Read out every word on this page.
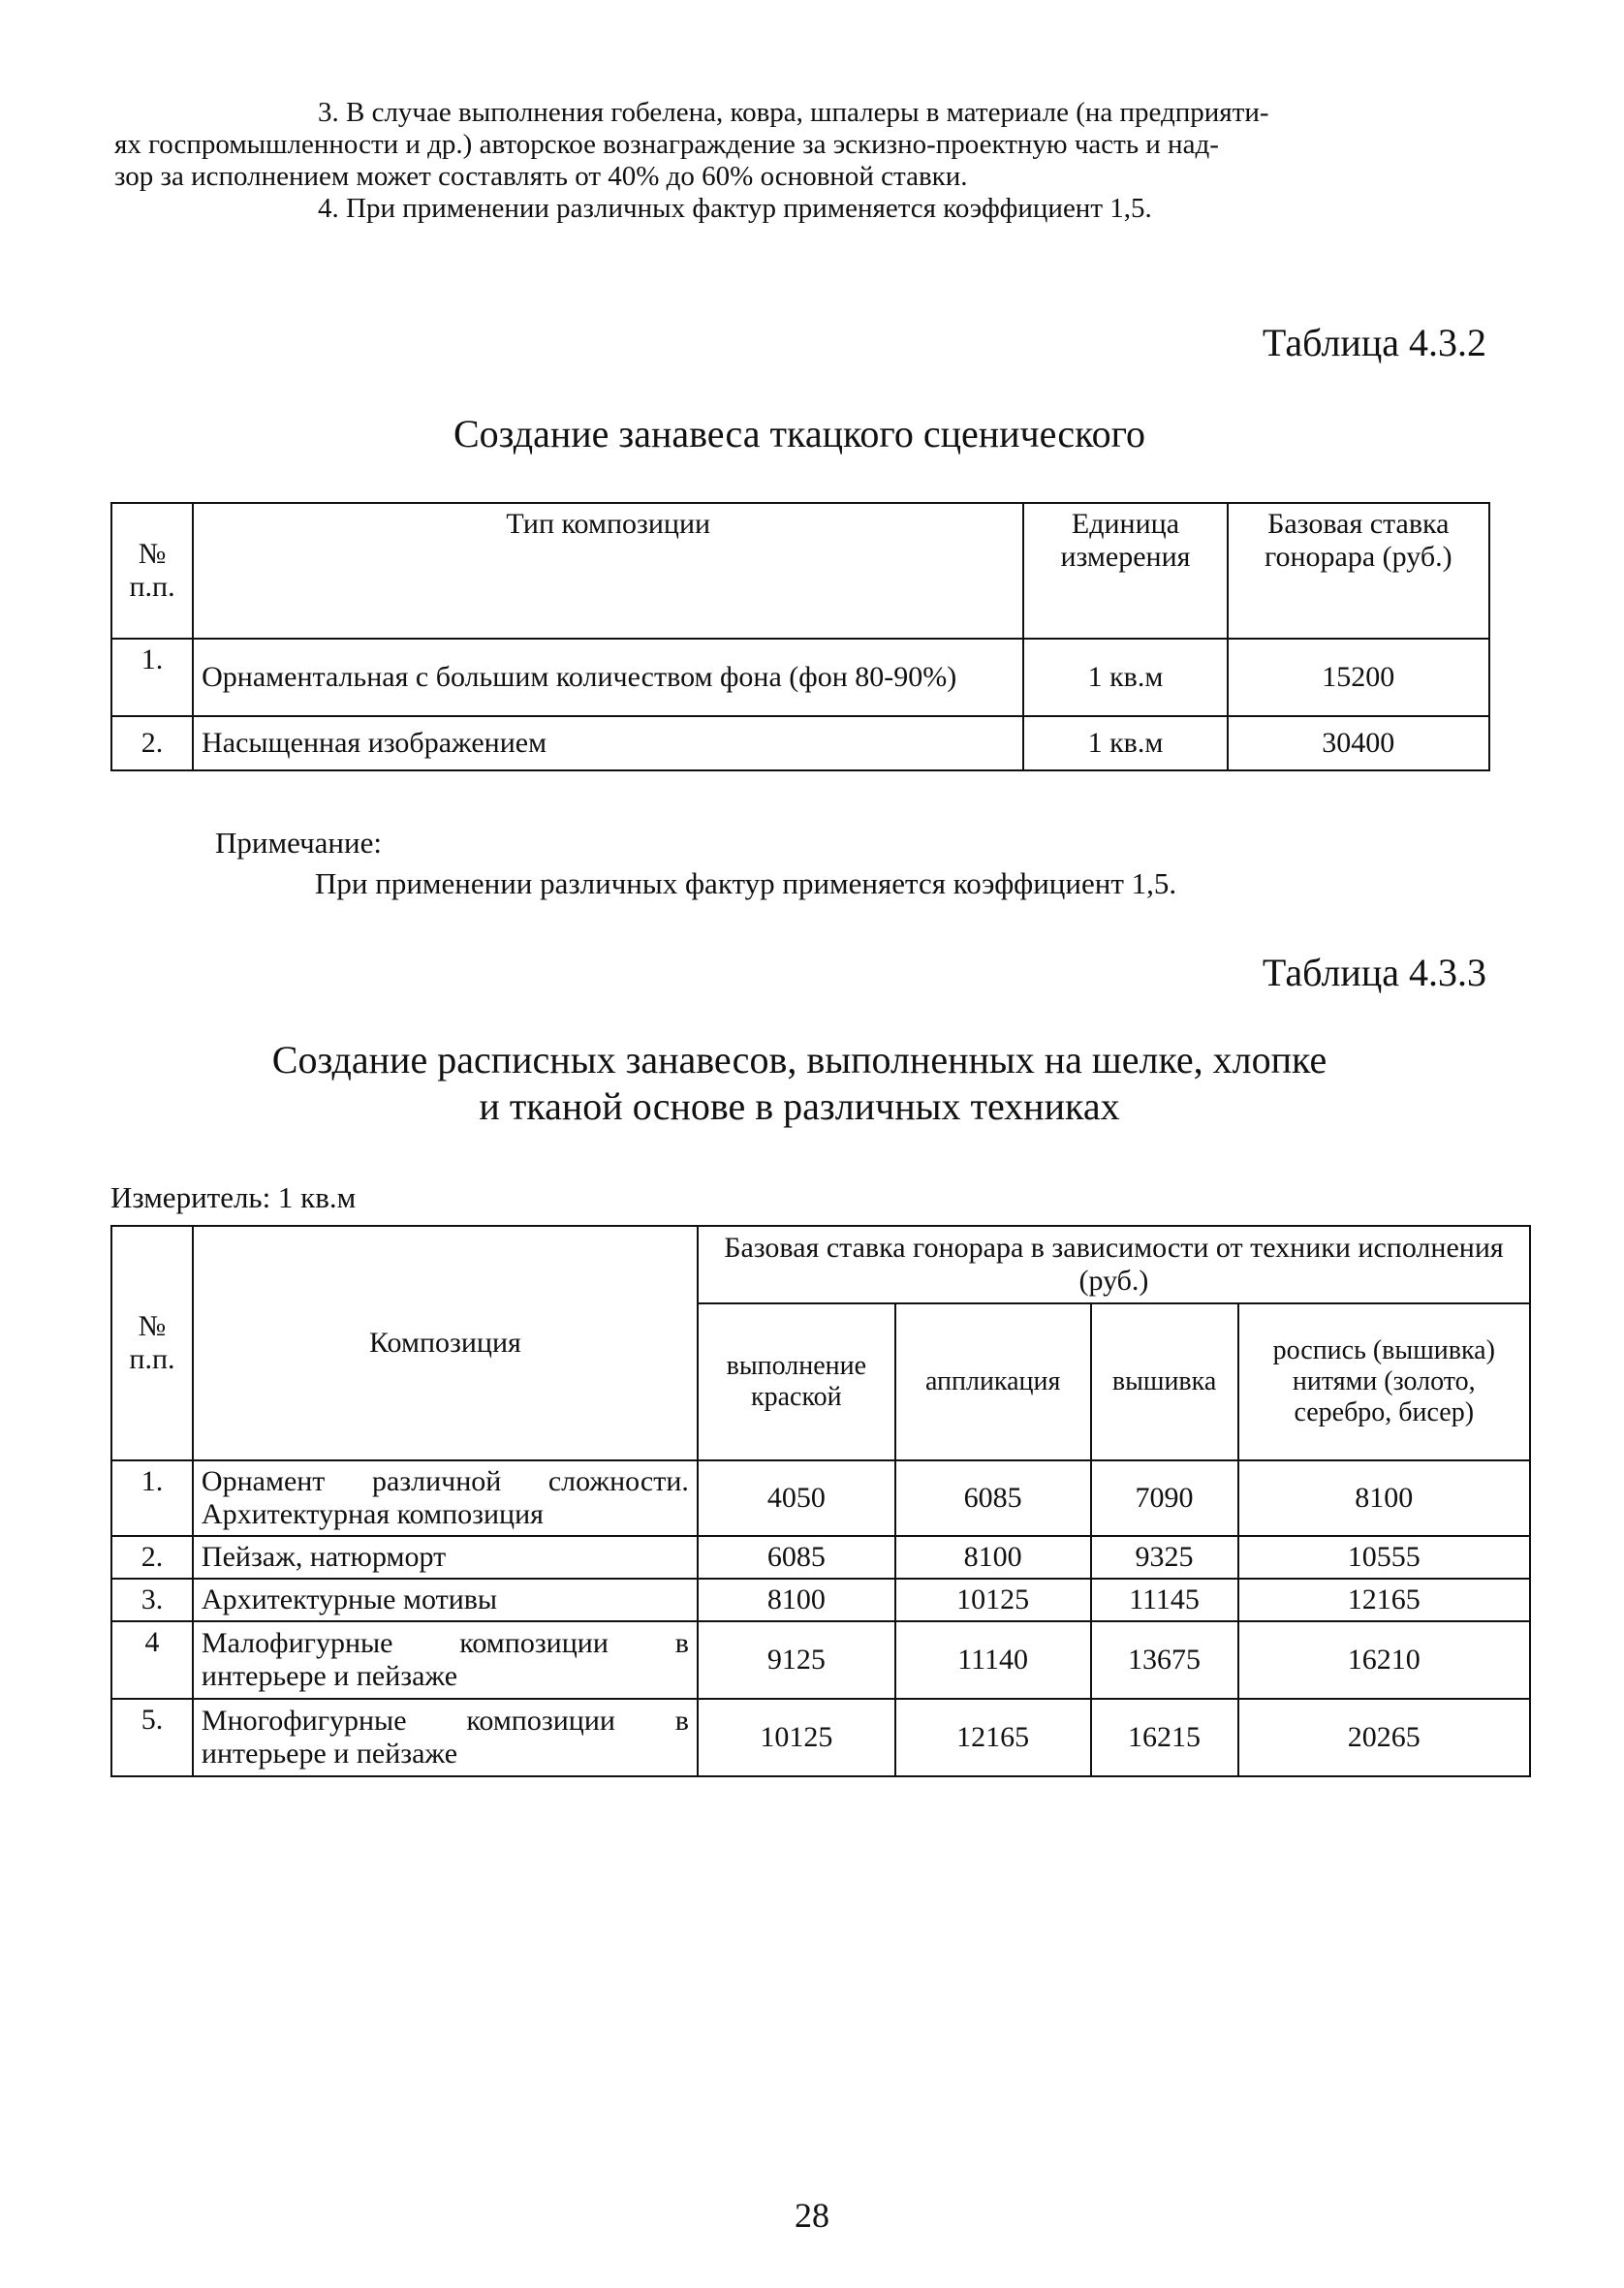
3. В случае выполнения гобелена, ковра, шпалеры в материале (на предприяти-
ях госпромышленности и др.) авторское вознаграждение за эскизно-проектную часть и над-
зор за исполнением может составлять от 40% до 60% основной ставки.
4. При применении различных фактур применяется коэффициент 1,5.
Таблица 4.3.2
Создание занавеса ткацкого сценического
№ п.п.	Тип композиции	Единица измерения	Базовая ставка гонорара (руб.)
1.	Орнаментальная с большим количеством фона (фон 80-90%)	1 кв.м	15200
2.	Насыщенная изображением	1 кв.м	30400
Примечание:
При применении различных фактур применяется коэффициент 1,5.
Таблица 4.3.3
Создание расписных занавесов, выполненных на шелке, хлопке
и тканой основе в различных техниках
Измеритель: 1 кв.м
№ п.п.	Композиция	Базовая ставка гонорара в зависимости от техники исполнения (руб.)			
		выполнение краской	аппликация	вышивка	роспись (вышивка) нитями (золото, серебро, бисер)
1.	Орнамент различной сложности. Архитектурная композиция	4050	6085	7090	8100
2.	Пейзаж, натюрморт	6085	8100	9325	10555
3.	Архитектурные мотивы	8100	10125	11145	12165
4	Малофигурные композиции в интерьере и пейзаже	9125	11140	13675	16210
5.	Многофигурные композиции в интерьере и пейзаже	10125	12165	16215	20265
28
